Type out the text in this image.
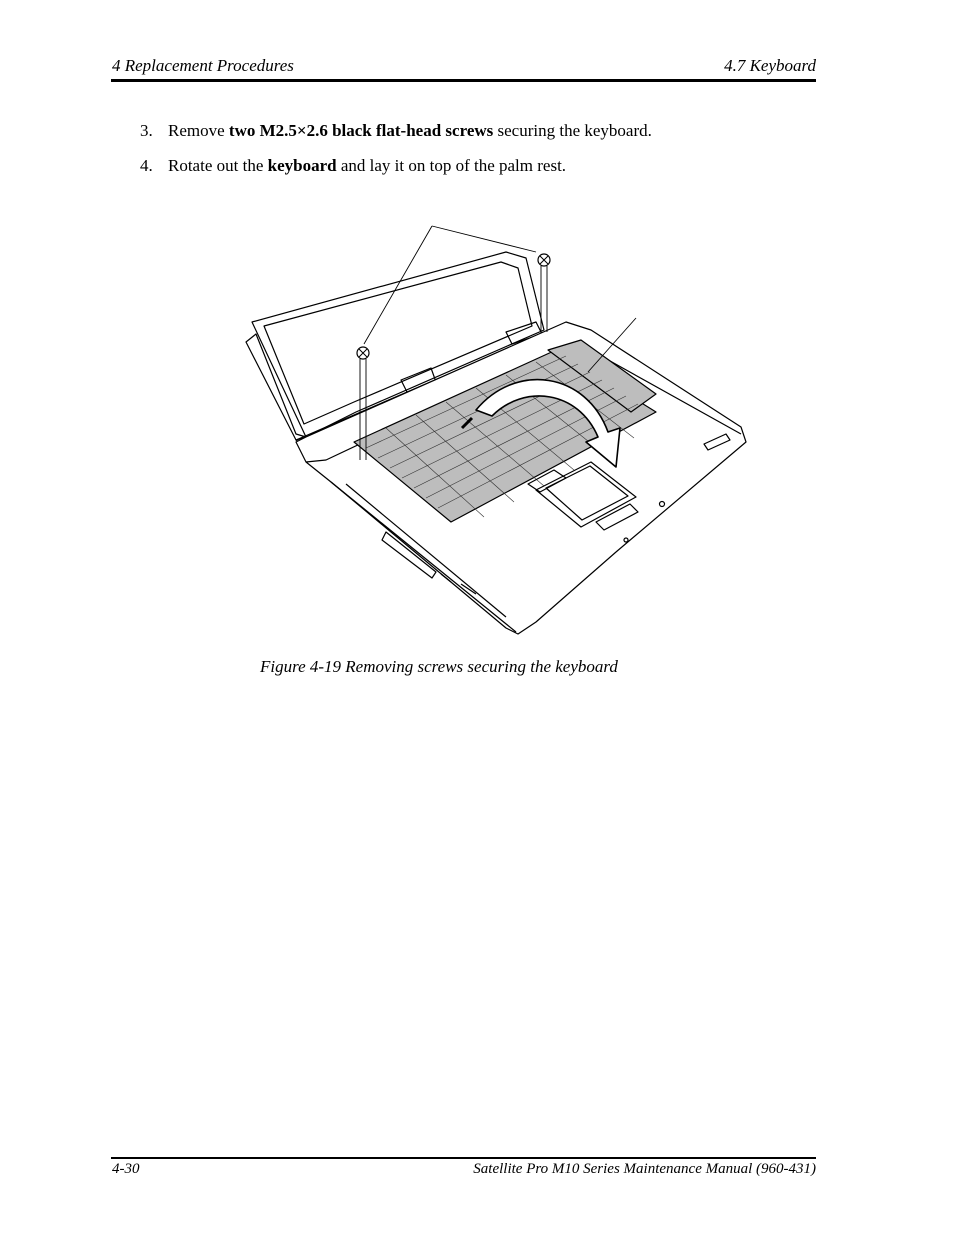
4 Replacement Procedures	4.7 Keyboard
3. Remove two M2.5×2.6 black flat-head screws securing the keyboard.
4. Rotate out the keyboard and lay it on top of the palm rest.
Figure 4-19 Removing screws securing the keyboard
4-30	Satellite Pro M10 Series Maintenance Manual (960-431)
